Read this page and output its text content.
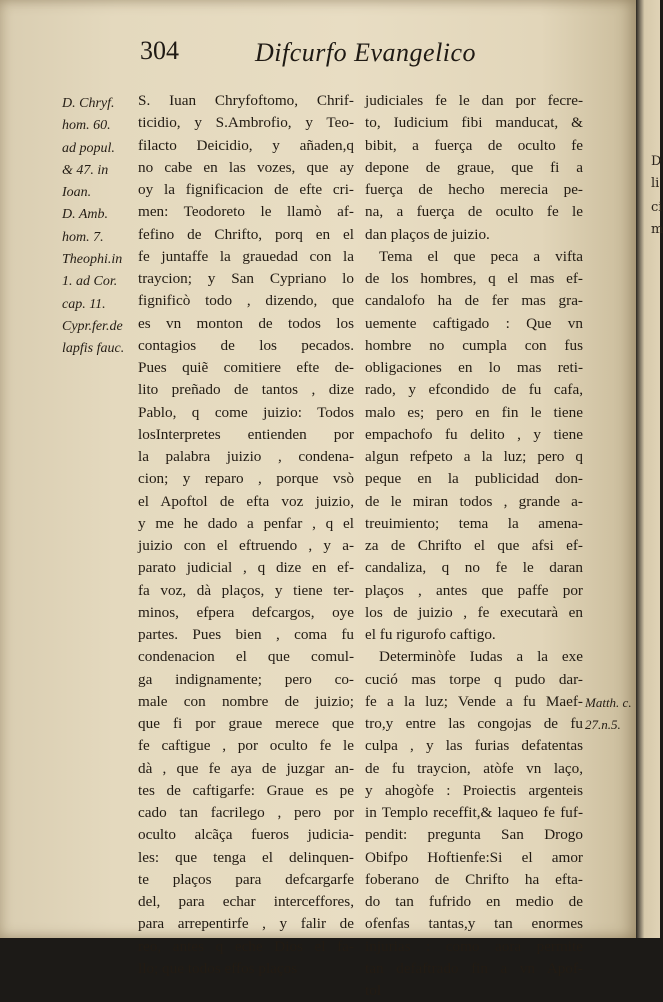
304	Difcurfo Evangelico
D. Chryf.
hom. 60.
ad popul.
& 47. in
Ioan.
D. Amb.
hom. 7.
Theophi.in
1. ad Cor.
cap. 11.
Cypr.fer.de
lapfis fauc.
S. Iuan Chryfoftomo, Chrif-
ticidio, y S.Ambrofio, y Teo-
filacto Deicidio, y añaden,q
no cabe en las vozes, que ay
oy la fignificacion de efte cri-
men: Teodoreto le llamò af-
fefino de Chrifto, porq en el
fe juntaffe la grauedad con la
traycion; y San Cypriano lo
fignificò todo , dizendo, que
es vn monton de todos los
contagios de los pecados.
Pues quiẽ comitiere efte de-
lito preñado de tantos , dize
Pablo, q come juizio: Todos
losInterpretes entienden por
la palabra juizio , condena-
cion; y reparo , porque vsò
el Apoftol de efta voz juizio,
y me he dado a penfar , q el
juizio con el eftruendo , y a-
parato judicial , q dize en ef-
fa voz, dà plaços, y tiene ter-
minos, efpera defcargos, oye
partes. Pues bien , coma fu
condenacion el que comul-
ga indignamente; pero co-
male con nombre de juizio;
que fi por graue merece que
fe caftigue , por oculto fe le
dà , que fe aya de juzgar an-
tes de caftigarfe: Graue es pe
cado tan facrilego , pero por
oculto alcãça fueros judicia-
les: que tenga el delinquen-
te plaços para defcargarfe
del, para echar interceffores,
para arrepentirfe , y falir de
reo, antes q eche Dios el fa-
llo; que todos effos plaços
judiciales fe le dan por fecre-
to, Iudicium fibi manducat, &
bibit, a fuerça de oculto fe
depone de graue, que fi a
fuerça de hecho merecia pe-
na, a fuerça de oculto fe le
dan plaços de juizio.
Tema el que peca a vifta
de los hombres, q el mas ef-
candalofo ha de fer mas gra-
uemente caftigado : Que vn
hombre no cumpla con fus
obligaciones en lo mas reti-
rado, y efcondido de fu cafa,
malo es; pero en fin le tiene
empachofo fu delito , y tiene
algun refpeto a la luz; pero q
peque en la publicidad don-
de le miran todos , grande a-
treuimiento; tema la amena-
za de Chrifto el que afsi ef-
candaliza, q no fe le daran
plaços , antes que paffe por
los de juizio , fe executarà en
el fu rigurofo caftigo.
Determinòfe Iudas a la exe
cució mas torpe q pudo dar-
fe a la luz; Vende a fu Maef-
tro,y entre las congojas de fu
culpa , y las furias defatentas
de fu traycion, atòfe vn laço,
y ahogòfe : Proiectis argenteis
in Templo receffit,& laqueo fe fuf-
pendit: pregunta San Drogo
Obifpo Hoftienfe:Si el amor
foberano de Chrifto ha efta-
do tan fufrido en medio de
ofenfas tantas,y tan enormes
injurias : como aora permite
tan defaftrado fin a vn Apof-
tol
Matth. c.
27.n.5.
D
li
ci
m
